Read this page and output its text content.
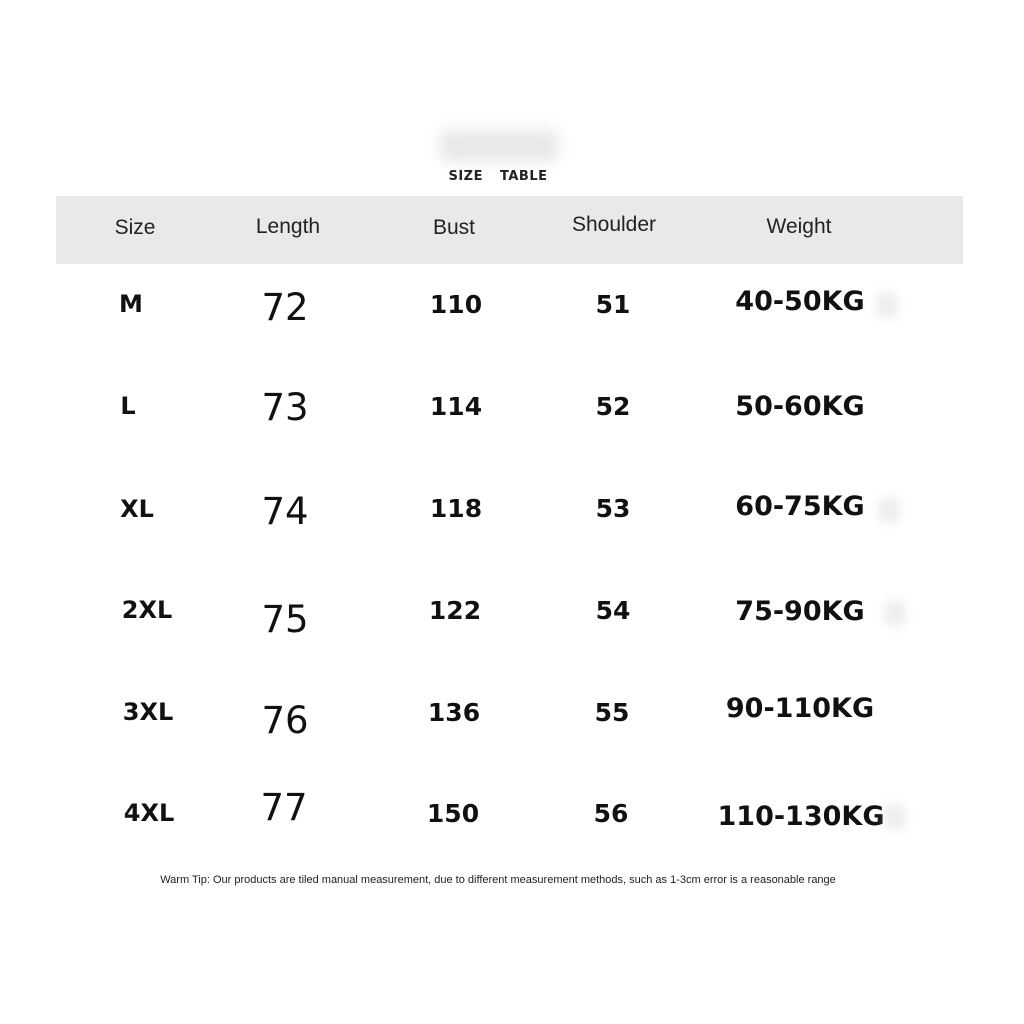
SIZE TABLE
Size	Length	Bust	Shoulder	Weight
M	72	110	51	40-50KG
L	73	114	52	50-60KG
XL	74	118	53	60-75KG
2XL 75	122	54	75-90KG
3XL 76	136	55	90-110KG
4XL 77	150	56	110-130KG
Warm Tip: Our products are tiled manual measurement, due to different measurement methods, such as 1-3cm error is a reasonable range
